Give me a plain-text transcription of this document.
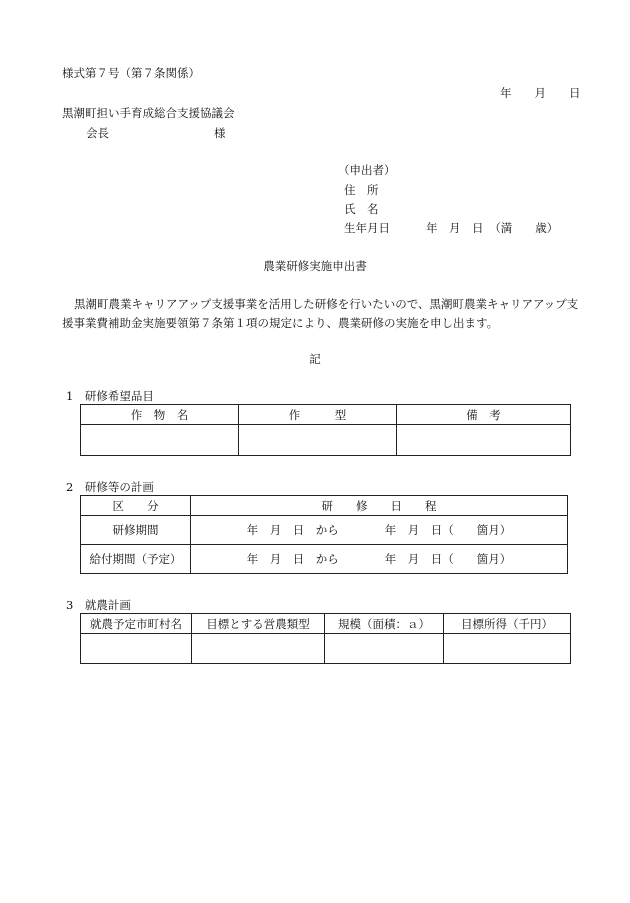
様式第７号（第７条関係）
年　　月　　日
黒潮町担い手育成総合支援協議会
会長	様
（申出者）
住　所
氏　名
生年月日	年　月　日　（満　　歳）
農業研修実施申出書
黒潮町農業キャリアアップ支援事業を活用した研修を行いたいので、黒潮町農業キャリアアップ支
援事業費補助金実施要領第７条第１項の規定により、農業研修の実施を申し出ます。
記
1　研修希望品目
作　物　名	作　　　型	備　考

2　研修等の計画
区　　分	研　　修　　日　　程
研修期間	年　月　日　から　　　　年　月　日（　　箇月）
給付期間（予定）	年　月　日　から　　　　年　月　日（　　箇月）
3　就農計画
就農予定市町村名	目標とする営農類型	規模（面積：ａ）	目標所得（千円）
